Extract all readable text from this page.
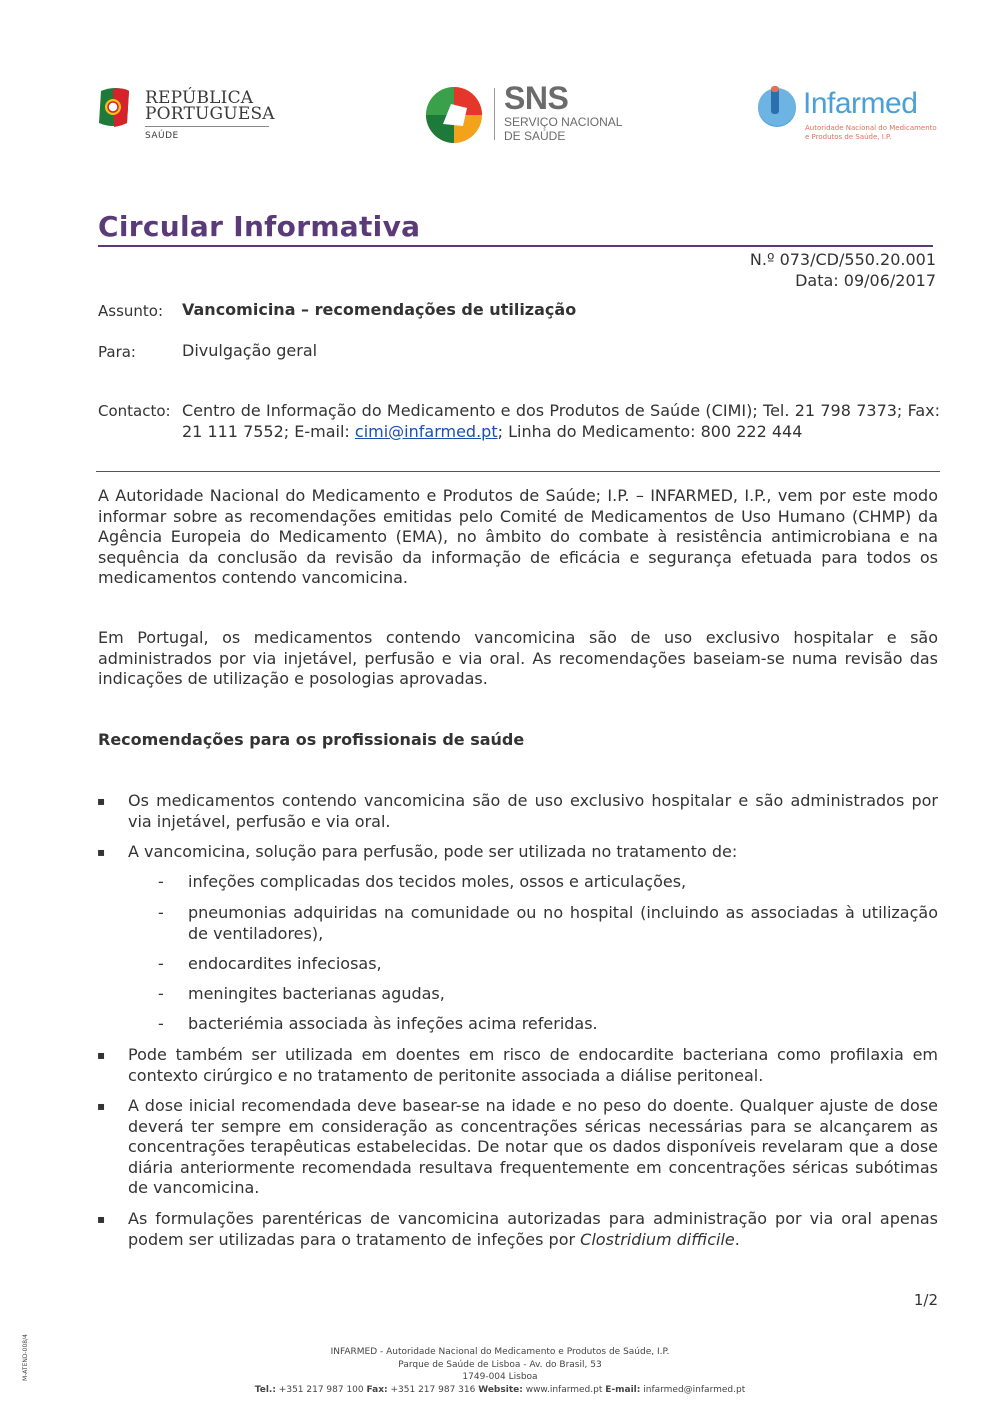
REPÚBLICA
PORTUGUESA
SAÚDE
SNS
SERVIÇO NACIONAL
DE SAÚDE
Infarmed
Autoridade Nacional do Medicamento
e Produtos de Saúde, I.P.
Circular Informativa
N.º 073/CD/550.20.001
Data: 09/06/2017
Assunto: Vancomicina – recomendações de utilização
Para:	Divulgação geral
Contacto: Centro de Informação do Medicamento e dos Produtos de Saúde (CIMI); Tel. 21 798 7373; Fax: 21 111 7552; E-mail: cimi@infarmed.pt; Linha do Medicamento: 800 222 444
A Autoridade Nacional do Medicamento e Produtos de Saúde; I.P. – INFARMED, I.P., vem por este modo informar sobre as recomendações emitidas pelo Comité de Medicamentos de Uso Humano (CHMP) da Agência Europeia do Medicamento (EMA), no âmbito do combate à resistência antimicrobiana e na sequência da conclusão da revisão da informação de eficácia e segurança efetuada para todos os medicamentos contendo vancomicina.
Em Portugal, os medicamentos contendo vancomicina são de uso exclusivo hospitalar e são administrados por via injetável, perfusão e via oral. As recomendações baseiam-se numa revisão das indicações de utilização e posologias aprovadas.
Recomendações para os profissionais de saúde
▪ Os medicamentos contendo vancomicina são de uso exclusivo hospitalar e são administrados por via injetável, perfusão e via oral.
▪ A vancomicina, solução para perfusão, pode ser utilizada no tratamento de:
- infeções complicadas dos tecidos moles, ossos e articulações,
- pneumonias adquiridas na comunidade ou no hospital (incluindo as associadas à utilização de ventiladores),
- endocardites infeciosas,
- meningites bacterianas agudas,
- bacteriémia associada às infeções acima referidas.
▪ Pode também ser utilizada em doentes em risco de endocardite bacteriana como profilaxia em contexto cirúrgico e no tratamento de peritonite associada a diálise peritoneal.
▪ A dose inicial recomendada deve basear-se na idade e no peso do doente. Qualquer ajuste de dose deverá ter sempre em consideração as concentrações séricas necessárias para se alcançarem as concentrações terapêuticas estabelecidas. De notar que os dados disponíveis revelaram que a dose diária anteriormente recomendada resultava frequentemente em concentrações séricas subótimas de vancomicina.
▪ As formulações parentéricas de vancomicina autorizadas para administração por via oral apenas podem ser utilizadas para o tratamento de infeções por Clostridium difficile.
1/2
M-ATEND-008/4	INFARMED - Autoridade Nacional do Medicamento e Produtos de Saúde, I.P.
Parque de Saúde de Lisboa - Av. do Brasil, 53
1749-004 Lisboa
Tel.: +351 217 987 100 Fax: +351 217 987 316 Website: www.infarmed.pt E-mail: infarmed@infarmed.pt
